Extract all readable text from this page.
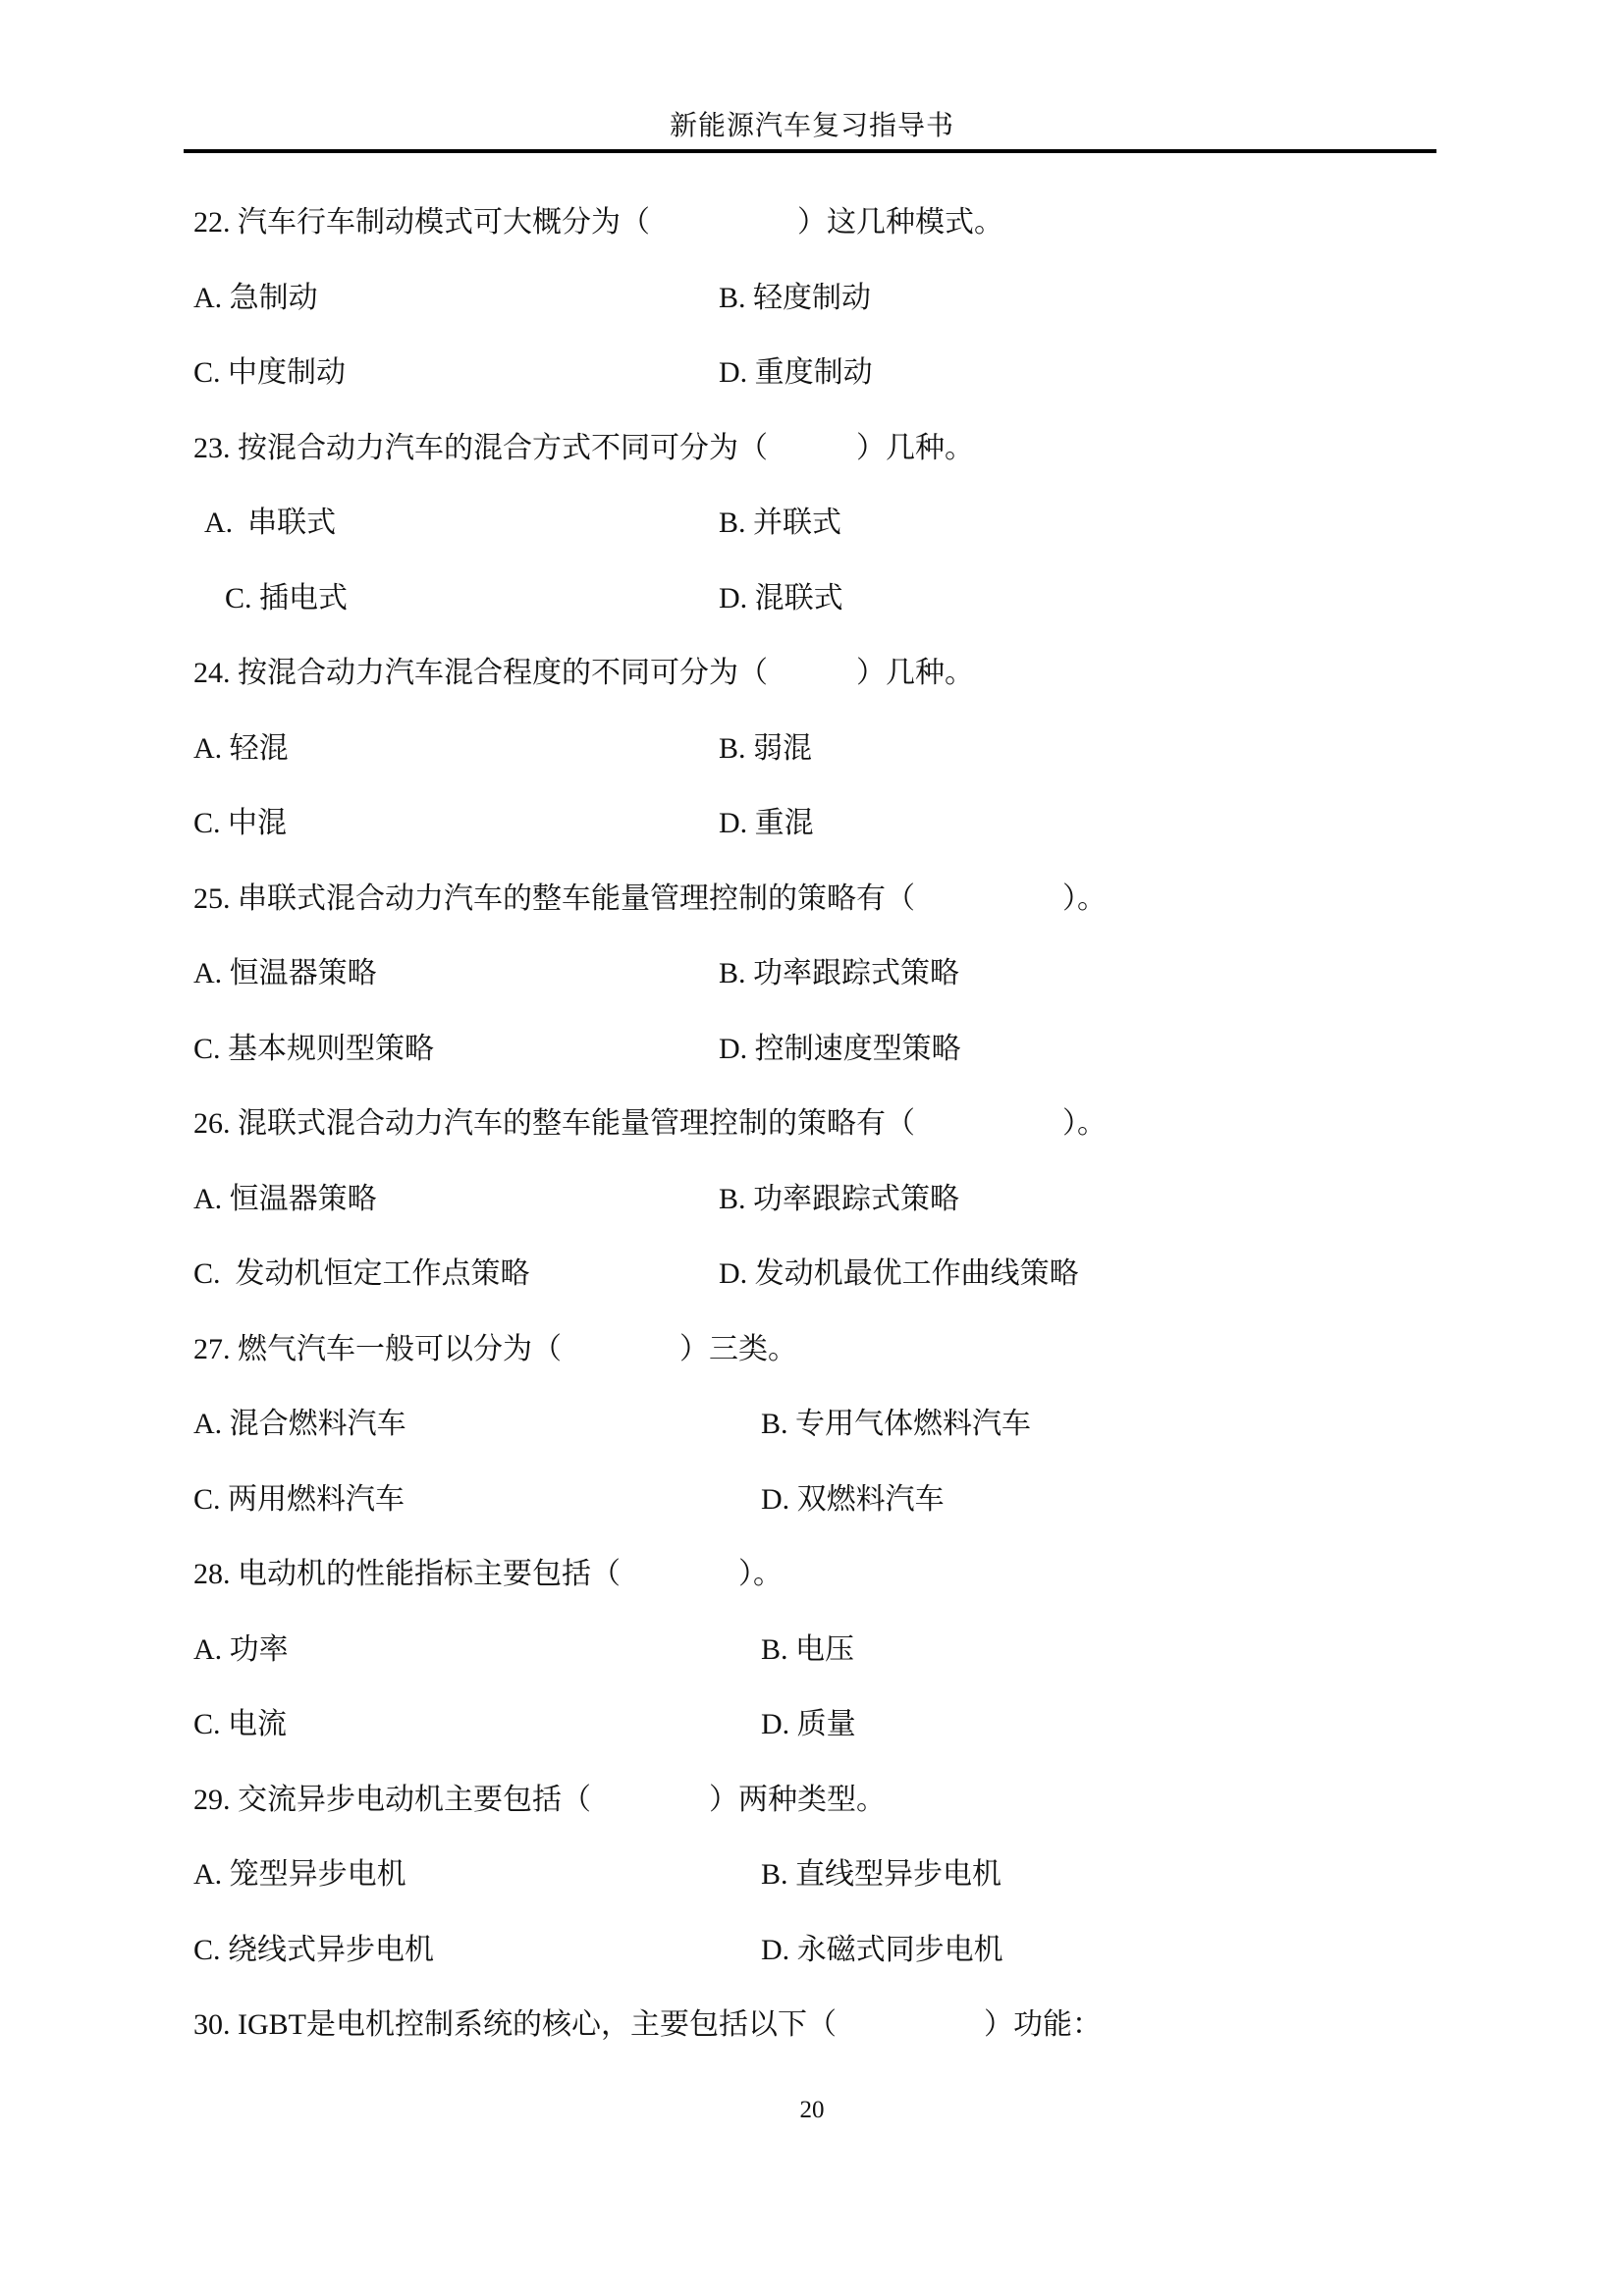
新能源汽车复习指导书
22. 汽车行车制动模式可大概分为（　　　　　）这几种模式。
A. 急制动	B. 轻度制动
C. 中度制动	D. 重度制动
23. 按混合动力汽车的混合方式不同可分为（　　　）几种。
A.  串联式	B. 并联式
C. 插电式	D. 混联式
24. 按混合动力汽车混合程度的不同可分为（　　　）几种。
A. 轻混	B. 弱混
C. 中混	D. 重混
25. 串联式混合动力汽车的整车能量管理控制的策略有（　　　　　）。
A. 恒温器策略	B. 功率跟踪式策略
C. 基本规则型策略	D. 控制速度型策略
26. 混联式混合动力汽车的整车能量管理控制的策略有（　　　　　）。
A. 恒温器策略	B. 功率跟踪式策略
C.  发动机恒定工作点策略	D. 发动机最优工作曲线策略
27. 燃气汽车一般可以分为（　　　　）三类。
A. 混合燃料汽车	B. 专用气体燃料汽车
C. 两用燃料汽车	D. 双燃料汽车
28. 电动机的性能指标主要包括（　　　　）。
A. 功率	B. 电压
C. 电流	D. 质量
29. 交流异步电动机主要包括（　　　　）两种类型。
A. 笼型异步电机	B. 直线型异步电机
C. 绕线式异步电机	D. 永磁式同步电机
30. IGBT是电机控制系统的核心，主要包括以下（　　　　　）功能：
20
